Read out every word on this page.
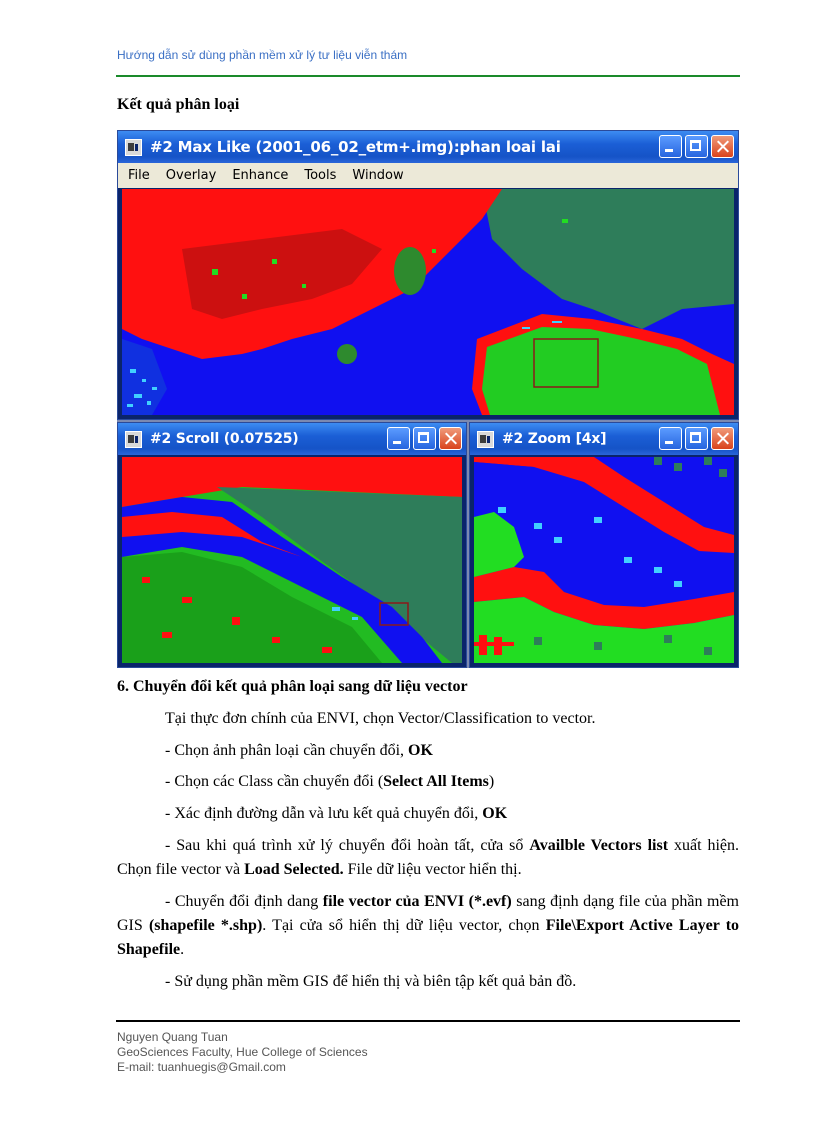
Hướng dẫn sử dùng phần mềm xử lý tư liệu viễn thám
Kết quả phân loại
#2 Max Like (2001_06_02_etm+.img):phan loai lai
File Overlay Enhance Tools Window
#2 Scroll (0.07525)	#2 Zoom [4x]
6. Chuyển đổi kết quả phân loại sang dữ liệu vector
Tại thực đơn chính của ENVI, chọn Vector/Classification to vector.
- Chọn ảnh phân loại cần chuyển đổi, OK
- Chọn các Class cần chuyển đổi (Select All Items)
- Xác định đường dẫn và lưu kết quả chuyển đổi, OK
- Sau khi quá trình xử lý chuyển đổi hoàn tất, cửa sổ Availble Vectors list xuất hiện. Chọn file vector và Load Selected. File dữ liệu vector hiển thị.
- Chuyển đổi định dang file vector của ENVI (*.evf) sang định dạng file của phần mềm GIS (shapefile *.shp). Tại cửa sổ hiển thị dữ liệu vector, chọn File\Export Active Layer to Shapefile.
- Sử dụng phần mềm GIS để hiển thị và biên tập kết quả bản đồ.
Nguyen Quang Tuan
GeoSciences Faculty, Hue College of Sciences
E-mail: tuanhuegis@Gmail.com
